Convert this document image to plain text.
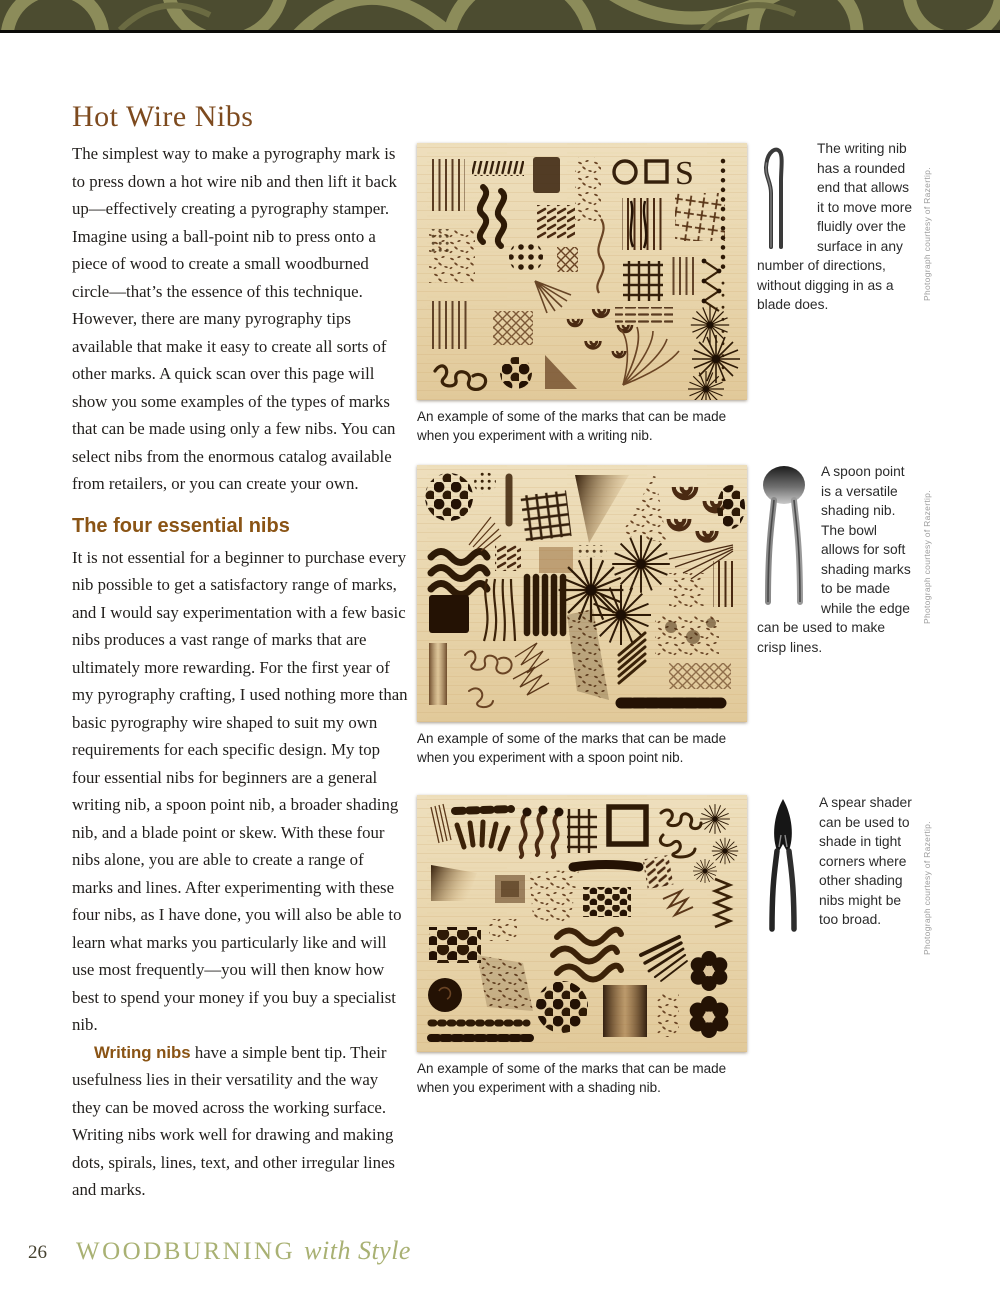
Hot Wire Nibs

The simplest way to make a pyrography mark is to press down a hot wire nib and then lift it back up—effectively creating a pyrography stamper. Imagine using a ball-point nib to press onto a piece of wood to create a small woodburned circle—that’s the essence of this technique. However, there are many pyrography tips available that make it easy to create all sorts of other marks. A quick scan over this page will show you some examples of the types of marks that can be made using only a few nibs. You can select nibs from the enormous catalog available from retailers, or you can create your own.

The four essential nibs

It is not essential for a beginner to purchase every nib possible to get a satisfactory range of marks, and I would say experimentation with a few basic nibs produces a vast range of marks that are ultimately more rewarding. For the first year of my pyrography crafting, I used nothing more than basic pyrography wire shaped to suit my own requirements for each specific design. My top four essential nibs for beginners are a general writing nib, a spoon point nib, a broader shading nib, and a blade point or skew. With these four nibs alone, you are able to create a range of marks and lines. After experimenting with these four nibs, as I have done, you will also be able to learn what marks you particularly like and will use most frequently—you will then know how best to spend your money if you buy a specialist nib.

Writing nibs have a simple bent tip. Their usefulness lies in their versatility and the way they can be moved across the working surface. Writing nibs work well for drawing and making dots, spirals, lines, text, and other irregular lines and marks.

S
An example of some of the marks that can be made when you experiment with a writing nib.
An example of some of the marks that can be made when you experiment with a spoon point nib.
An example of some of the marks that can be made when you experiment with a shading nib.
The writing nib has a rounded end that allows it to move more fluidly over the surface in any number of directions, without digging in as a blade does.
Photograph courtesy of Razertip.
A spoon point is a versatile shading nib. The bowl allows for soft shading marks to be made while the edge can be used to make crisp lines.
Photograph courtesy of Razertip.
A spear shader can be used to shade in tight corners where other shading nibs might be too broad.	Photograph courtesy of Razertip.
26 WOODBURNING with Style
